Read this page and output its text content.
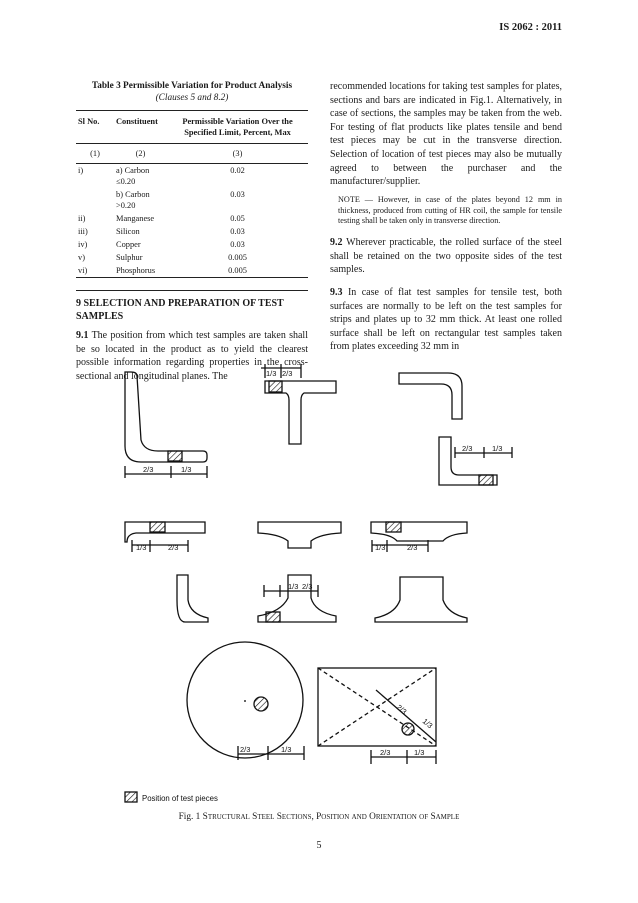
IS 2062 : 2011
Table 3 Permissible Variation for Product Analysis
(Clauses 5 and 8.2)
Sl No.	Constituent	Permissible Variation Over the Specified Limit, Percent, Max
(1)	(2)	(3)
i)	a) Carbon ≤0.20	0.02
	b) Carbon >0.20	0.03
ii)	Manganese	0.05
iii)	Silicon	0.03
iv)	Copper	0.03
v)	Sulphur	0.005
vi)	Phosphorus	0.005
9 SELECTION AND PREPARATION OF TEST SAMPLES

9.1 The position from which test samples are taken shall be so located in the product as to yield the clearest possible information regarding properties in the cross-sectional and longitudinal planes. The

recommended locations for taking test samples for plates, sections and bars are indicated in Fig.1. Alternatively, in case of sections, the samples may be taken from the web. For testing of flat products like plates tensile and bend test pieces may be cut in the transverse direction. Selection of location of test pieces may also be mutually agreed to between the purchaser and the manufacturer/supplier.

NOTE — However, in case of the plates beyond 12 mm in thickness, produced from cutting of HR coil, the sample for tensile testing shall be taken only in transverse direction.

9.2 Wherever practicable, the rolled surface of the steel shall be retained on the two opposite sides of the test samples.

9.3 In case of flat test samples for tensile test, both surfaces are normally to be left on the test samples for strips and plates up to 32 mm thick. At least one rolled surface shall be left on rectangular test samples taken from plates exceeding 32 mm in

2/3	1/3
1/3 2/3
2/3	1/3
1/3	2/3	1/3	2/3
1/3 2/3
2/3	1/3	2/3	1/3
2/3
1/3
Position of test pieces
Fig. 1 Structural Steel Sections, Position and Orientation of Sample
5
